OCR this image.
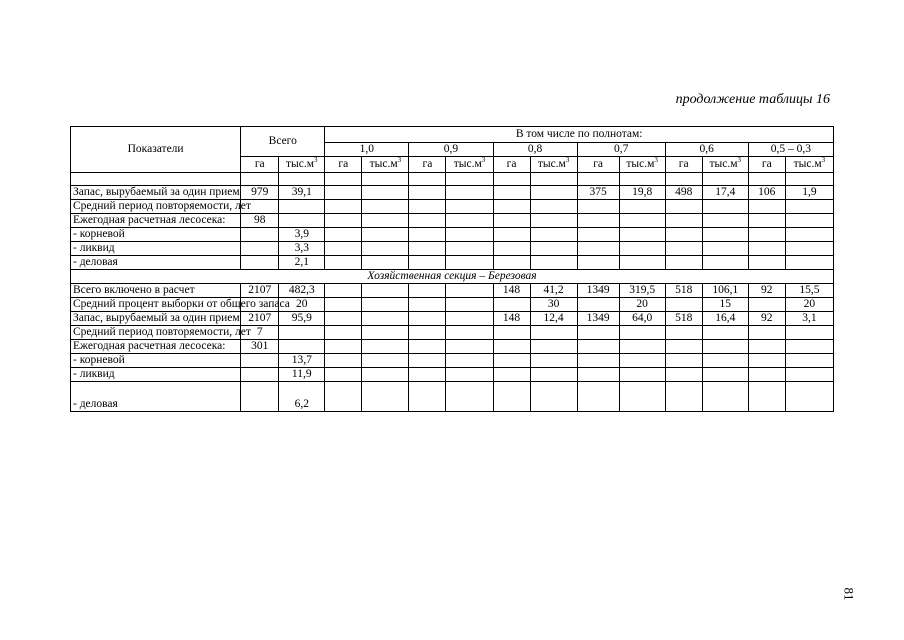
продолжение таблицы 16
Показатели	Всего		В том числе по полнотам:											
			1,0		0,9		0,8		0,7		0,6		0,5 – 0,3	
	га	$тыс.м^3$	га	$тыс.м^3$	га	$тыс.м^3$	га	$тыс.м^3$	га	$тыс.м^3$	га	$тыс.м^3$	га	$тыс.м^3$

Запас, вырубаемый за один прием	979	39,1							375	19,8	498	17,4	106	1,9
Средний период повторяемости, лет														
Ежегодная расчетная лесосека:	98													
- корневой		3,9												
- ликвид		3,3												
- деловая		2,1												
Хозяйственная секция – Березовая														
Всего включено в расчет	2107	482,3					148	41,2	1349	319,5	518	106,1	92	15,5
Средний процент выборки от общего запаса		20						30		20		15		20
Запас, вырубаемый за один прием	2107	95,9					148	12,4	1349	64,0	518	16,4	92	3,1
Средний период повторяемости, лет	7													
Ежегодная расчетная лесосека:	301													
- корневой		13,7												
- ликвид		11,9												
- деловая		6,2												
81
